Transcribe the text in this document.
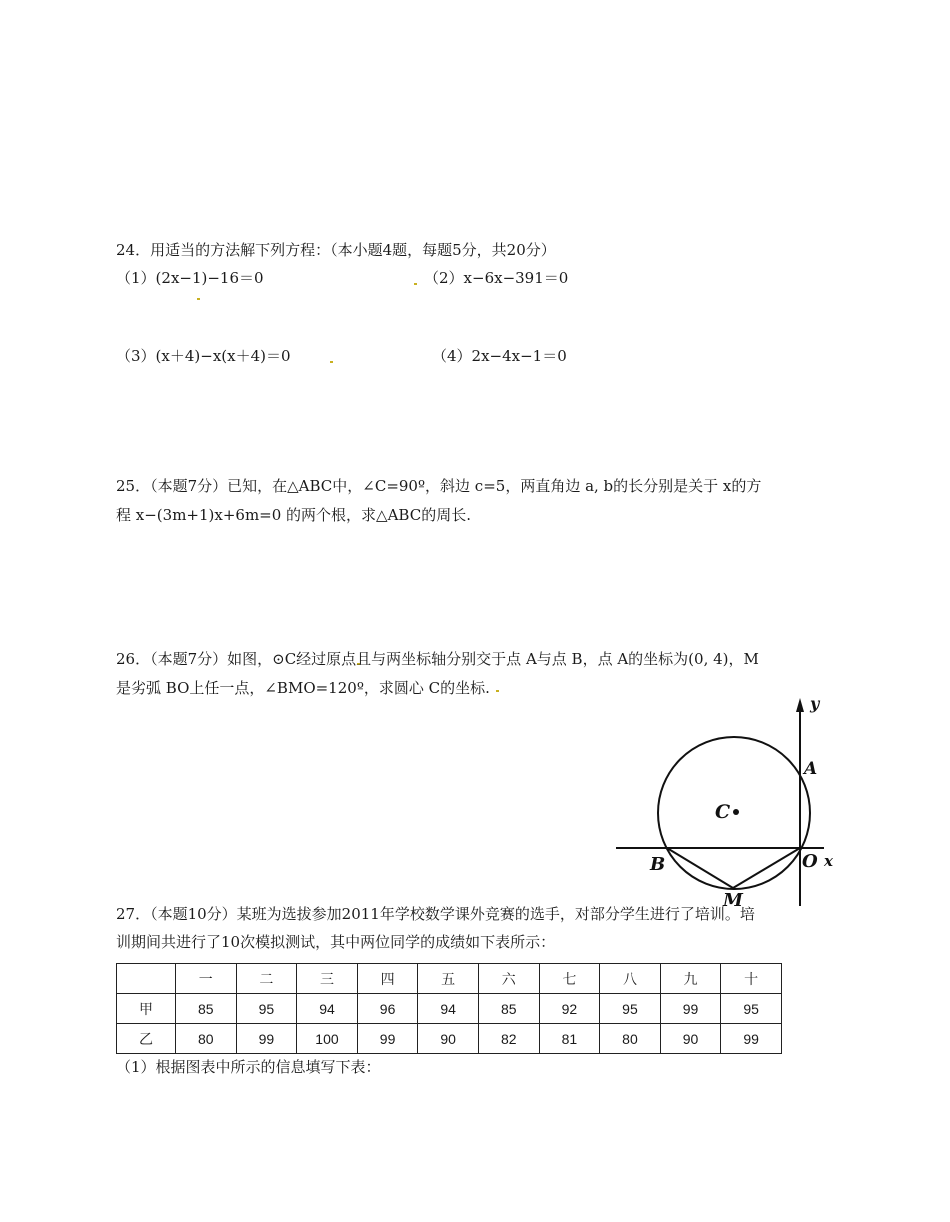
24．用适当的方法解下列方程：（本小题4题，每题5分，共20分）
（1）(2x−1)−16＝0	（2）x−6x−391＝0
（3）(x＋4)−x(x＋4)＝0	（4）2x−4x−1＝0
25．（本题7分）已知，在△ABC中，∠C=90º，斜边 c=5，两直角边 a, b的长分别是关于 x的方
程 x−(3m+1)x+6m=0 的两个根，求△ABC的周长.
26．（本题7分）如图，⊙C经过原点且与两坐标轴分别交于点 A与点 B，点 A的坐标为(0, 4)，M
是劣弧 BO上任一点，∠BMO=120º，求圆心 C的坐标.
y
A
C
B	O x
M
27．（本题10分）某班为选拔参加2011年学校数学课外竞赛的选手，对部分学生进行了培训。培
训期间共进行了10次模拟测试，其中两位同学的成绩如下表所示：
	一	二	三	四	五	六	七	八	九	十
甲	85	95	94	96	94	85	92	95	99	95
乙	80	99	100	99	90	82	81	80	90	99
（1）根据图表中所示的信息填写下表：
